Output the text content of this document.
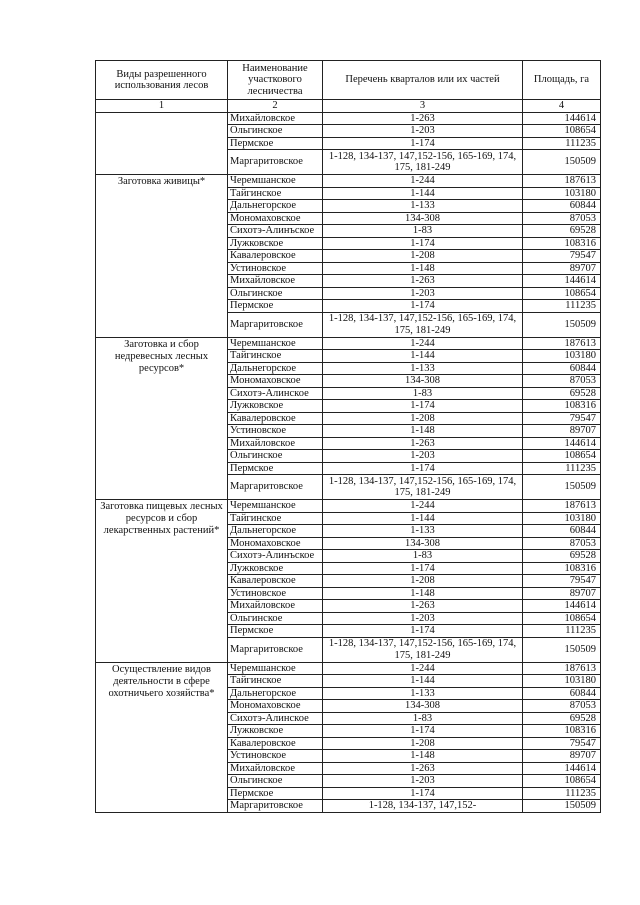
Виды разрешенного использования лесов	Наименование участкового лесничества	Перечень кварталов или их частей	Площадь, га
1	2	3	4
	Михайловское	1-263	144614
	Ольгинское	1-203	108654
	Пермское	1-174	111235
	Маргаритовское	1-128, 134-137, 147,152-156, 165-169, 174, 175, 181-249	150509
Заготовка живицы*	Черемшанское	1-244	187613
	Тайгинское	1-144	103180
	Дальнегорское	1-133	60844
	Мономаховское	134-308	87053
	Сихотэ-Алинъское	1-83	69528
	Лужковское	1-174	108316
	Кавалеровское	1-208	79547
	Устиновское	1-148	89707
	Михайловское	1-263	144614
	Ольгинское	1-203	108654
	Пермское	1-174	111235
	Маргаритовское	1-128, 134-137, 147,152-156, 165-169, 174, 175, 181-249	150509
Заготовка и сбор недревесных лесных ресурсов*	Черемшанское	1-244	187613
	Тайгинское	1-144	103180
	Дальнегорское	1-133	60844
	Мономаховское	134-308	87053
	Сихотэ-Алинское	1-83	69528
	Лужковское	1-174	108316
	Кавалеровское	1-208	79547
	Устиновское	1-148	89707
	Михайловское	1-263	144614
	Ольгинское	1-203	108654
	Пермское	1-174	111235
	Маргаритовское	1-128, 134-137, 147,152-156, 165-169, 174, 175, 181-249	150509
Заготовка пищевых лесных ресурсов и сбор лекарственных растений*	Черемшанское	1-244	187613
	Тайгинское	1-144	103180
	Дальнегорское	1-133	60844
	Мономаховское	134-308	87053
	Сихотэ-Алинъское	1-83	69528
	Лужковское	1-174	108316
	Кавалеровское	1-208	79547
	Устиновское	1-148	89707
	Михайловское	1-263	144614
	Ольгинское	1-203	108654
	Пермское	1-174	111235
	Маргаритовское	1-128, 134-137, 147,152-156, 165-169, 174, 175, 181-249	150509
Осуществление видов деятельности в сфере охотничьего хозяйства*	Черемшанское	1-244	187613
	Тайгинское	1-144	103180
	Дальнегорское	1-133	60844
	Мономаховское	134-308	87053
	Сихотэ-Алинское	1-83	69528
	Лужковское	1-174	108316
	Кавалеровское	1-208	79547
	Устиновское	1-148	89707
	Михайловское	1-263	144614
	Ольгинское	1-203	108654
	Пермское	1-174	111235
	Маргаритовское	1-128, 134-137, 147,152-	150509
